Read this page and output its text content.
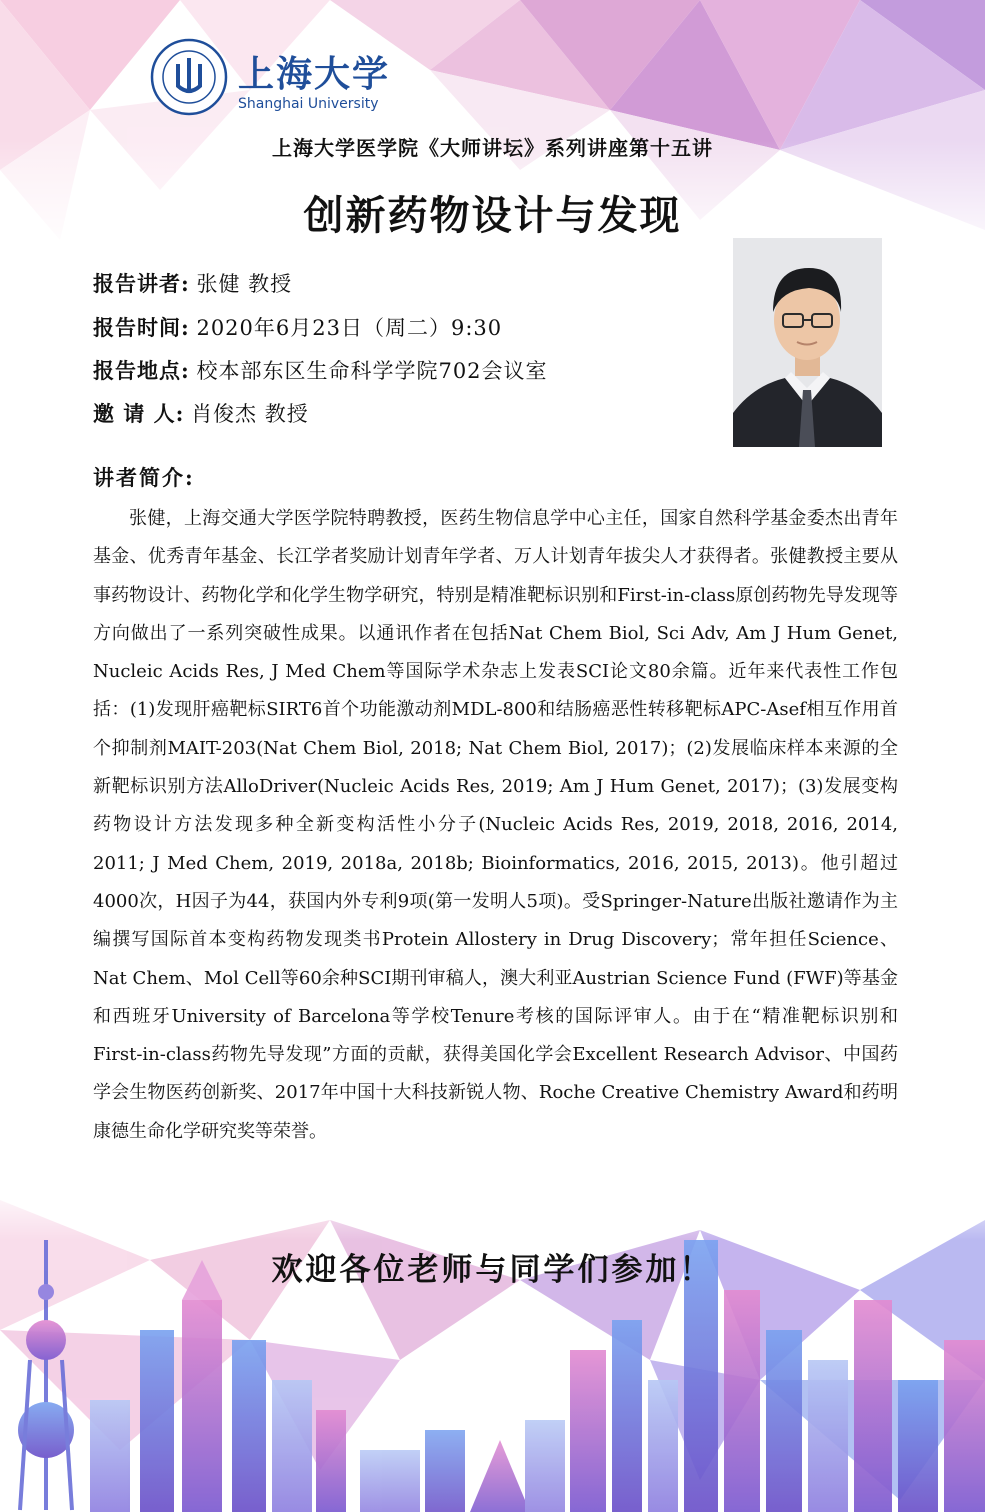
上海大学
Shanghai University
上海大学医学院《大师讲坛》系列讲座第十五讲
创新药物设计与发现
报告讲者: 张健 教授
报告时间: 2020年6月23日（周二）9:30
报告地点: 校本部东区生命科学学院702会议室
邀 请 人: 肖俊杰 教授
讲者简介:
张健，上海交通大学医学院特聘教授，医药生物信息学中心主任，国家自然科学基金委杰出青年基金、优秀青年基金、长江学者奖励计划青年学者、万人计划青年拔尖人才获得者。张健教授主要从事药物设计、药物化学和化学生物学研究，特别是精准靶标识别和First-in-class原创药物先导发现等方向做出了一系列突破性成果。以通讯作者在包括Nat Chem Biol, Sci Adv, Am J Hum Genet, Nucleic Acids Res, J Med Chem等国际学术杂志上发表SCI论文80余篇。近年来代表性工作包括：(1)发现肝癌靶标SIRT6首个功能激动剂MDL-800和结肠癌恶性转移靶标APC-Asef相互作用首个抑制剂MAIT-203(Nat Chem Biol, 2018; Nat Chem Biol, 2017)；(2)发展临床样本来源的全新靶标识别方法AlloDriver(Nucleic Acids Res, 2019; Am J Hum Genet, 2017)；(3)发展变构药物设计方法发现多种全新变构活性小分子(Nucleic Acids Res, 2019, 2018, 2016, 2014, 2011; J Med Chem, 2019, 2018a, 2018b; Bioinformatics, 2016, 2015, 2013)。他引超过4000次，H因子为44，获国内外专利9项(第一发明人5项)。受Springer-Nature出版社邀请作为主编撰写国际首本变构药物发现类书Protein Allostery in Drug Discovery；常年担任Science、Nat Chem、Mol Cell等60余种SCI期刊审稿人，澳大利亚Austrian Science Fund (FWF)等基金和西班牙University of Barcelona等学校Tenure考核的国际评审人。由于在“精准靶标识别和First-in-class药物先导发现”方面的贡献，获得美国化学会Excellent Research Advisor、中国药学会生物医药创新奖、2017年中国十大科技新锐人物、Roche Creative Chemistry Award和药明康德生命化学研究奖等荣誉。
欢迎各位老师与同学们参加！
